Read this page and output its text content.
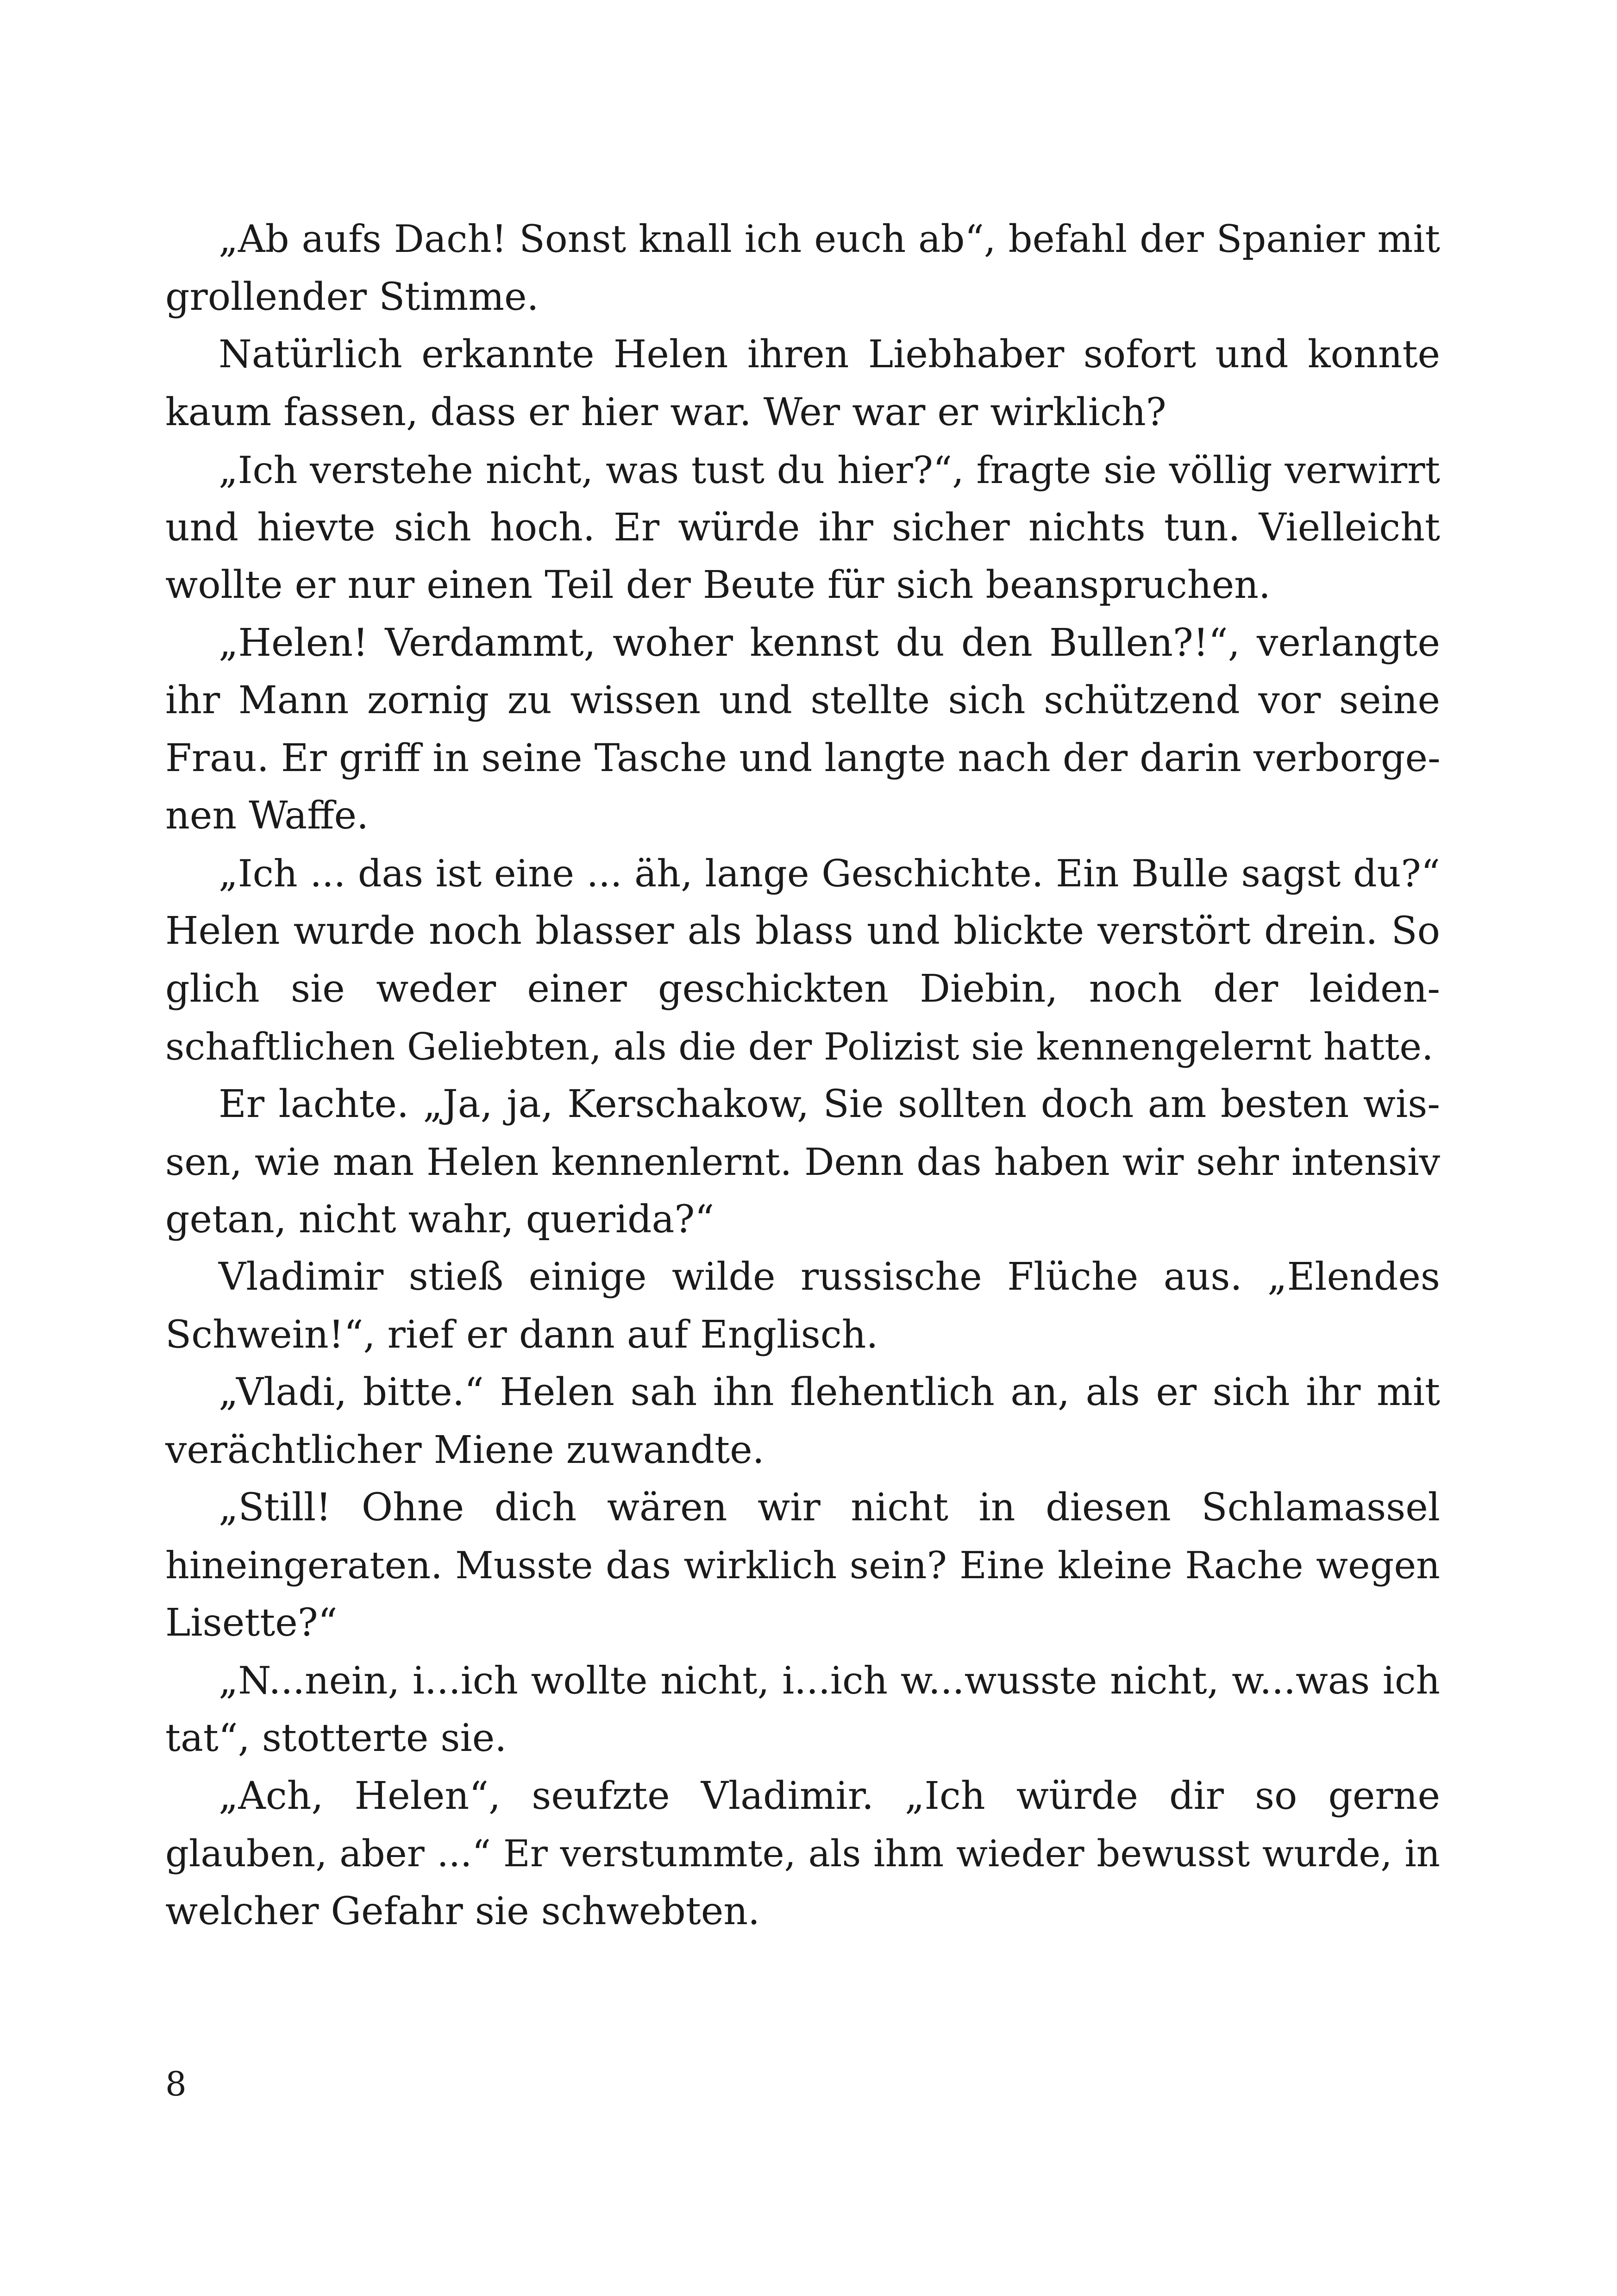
„Ab aufs Dach! Sonst knall ich euch ab“, befahl der Spanier mit
grollender Stimme.
Natürlich erkannte Helen ihren Liebhaber sofort und konnte
kaum fassen, dass er hier war. Wer war er wirklich?
„Ich verstehe nicht, was tust du hier?“, fragte sie völlig verwirrt
und hievte sich hoch. Er würde ihr sicher nichts tun. Vielleicht
wollte er nur einen Teil der Beute für sich beanspruchen.
„Helen! Verdammt, woher kennst du den Bullen?!“, verlangte
ihr Mann zornig zu wissen und stellte sich schützend vor seine
Frau. Er griff in seine Tasche und langte nach der darin verborge-
nen Waffe.
„Ich ... das ist eine ... äh, lange Geschichte. Ein Bulle sagst du?“
Helen wurde noch blasser als blass und blickte verstört drein. So
glich sie weder einer geschickten Diebin, noch der leiden-
schaftlichen Geliebten, als die der Polizist sie kennengelernt hatte.
Er lachte. „Ja, ja, Kerschakow, Sie sollten doch am besten wis-
sen, wie man Helen kennenlernt. Denn das haben wir sehr intensiv
getan, nicht wahr, querida?“
Vladimir stieß einige wilde russische Flüche aus. „Elendes
Schwein!“, rief er dann auf Englisch.
„Vladi, bitte.“ Helen sah ihn flehentlich an, als er sich ihr mit
verächtlicher Miene zuwandte.
„Still! Ohne dich wären wir nicht in diesen Schlamassel
hineingeraten. Musste das wirklich sein? Eine kleine Rache wegen
Lisette?“
„N...nein, i...ich wollte nicht, i...ich w...wusste nicht, w...was ich
tat“, stotterte sie.
„Ach, Helen“, seufzte Vladimir. „Ich würde dir so gerne
glauben, aber ...“ Er verstummte, als ihm wieder bewusst wurde, in
welcher Gefahr sie schwebten.
8
